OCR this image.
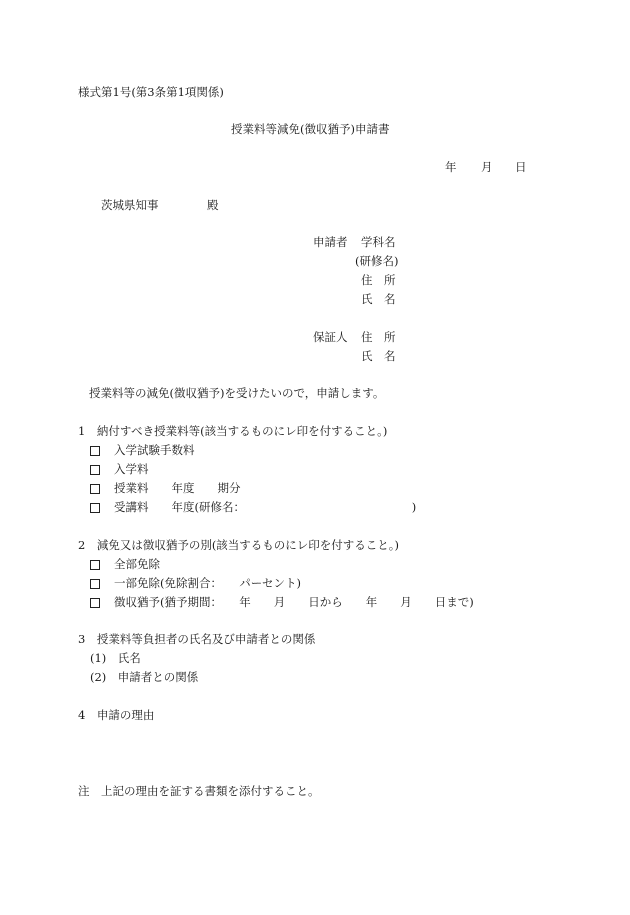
様式第1号(第3条第1項関係)
授業料等減免(徴収猶予)申請書
年 月 日
茨城県知事	殿
申請者 学科名
(研修名)
住　所
氏　名
保証人 住　所
氏　名
授業料等の減免(徴収猶予)を受けたいので，申請します。
1　納付すべき授業料等(該当するものにレ印を付すること。)

入学試験手数料

入学料

授業料　　年度　　期分

受講料　　年度(研修名：　　　　　　　　　　　　　　　)

2　減免又は徴収猶予の別(該当するものにレ印を付すること。)

全部免除

一部免除(免除割合：　　パーセント)

徴収猶予(猶予期間：　　年　　月　　日から　　年　　月　　日まで)

3　授業料等負担者の氏名及び申請者との関係
(1)　氏名
(2)　申請者との関係
4　申請の理由
注　上記の理由を証する書類を添付すること。
